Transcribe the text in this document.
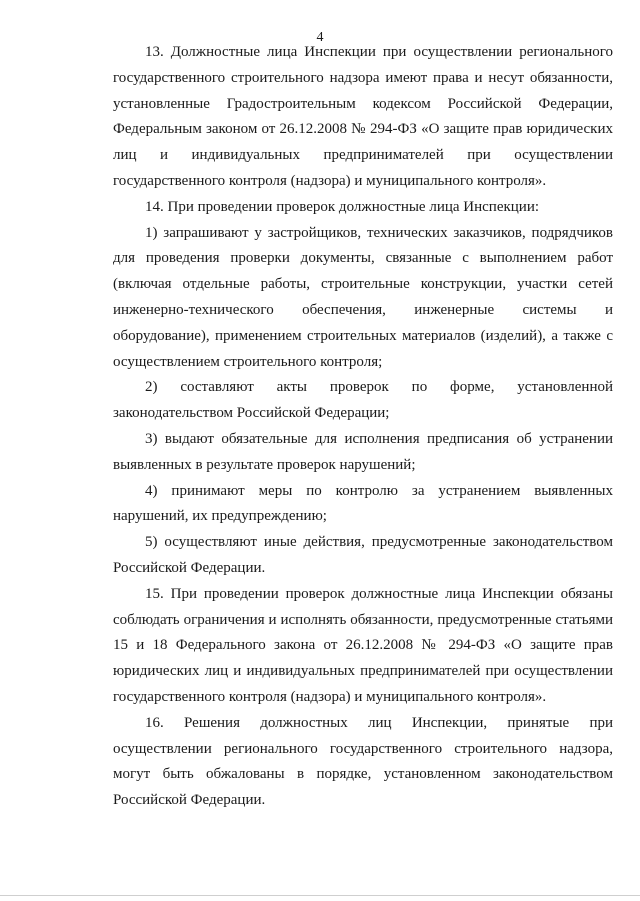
4

13. Должностные лица Инспекции при осуществлении регионального государственного строительного надзора имеют права и несут обязанности, установленные Градостроительным кодексом Российской Федерации, Федеральным законом от 26.12.2008 № 294-ФЗ «О защите прав юридических лиц и индивидуальных предпринимателей при осуществлении государственного контроля (надзора) и муниципального контроля».

14. При проведении проверок должностные лица Инспекции:

1) запрашивают у застройщиков, технических заказчиков, подрядчиков для проведения проверки документы, связанные с выполнением работ (включая отдельные работы, строительные конструкции, участки сетей инженерно-технического обеспечения, инженерные системы и оборудование), применением строительных материалов (изделий), а также с осуществлением строительного контроля;

2) составляют акты проверок по форме, установленной законодательством Российской Федерации;

3) выдают обязательные для исполнения предписания об устранении выявленных в результате проверок нарушений;

4) принимают меры по контролю за устранением выявленных нарушений, их предупреждению;

5) осуществляют иные действия, предусмотренные законодательством Российской Федерации.

15. При проведении проверок должностные лица Инспекции обязаны соблюдать ограничения и исполнять обязанности, предусмотренные статьями 15 и 18 Федерального закона от 26.12.2008 № 294-ФЗ «О защите прав юридических лиц и индивидуальных предпринимателей при осуществлении государственного контроля (надзора) и муниципального контроля».

16. Решения должностных лиц Инспекции, принятые при осуществлении регионального государственного строительного надзора, могут быть обжалованы в порядке, установленном законодательством Российской Федерации.
